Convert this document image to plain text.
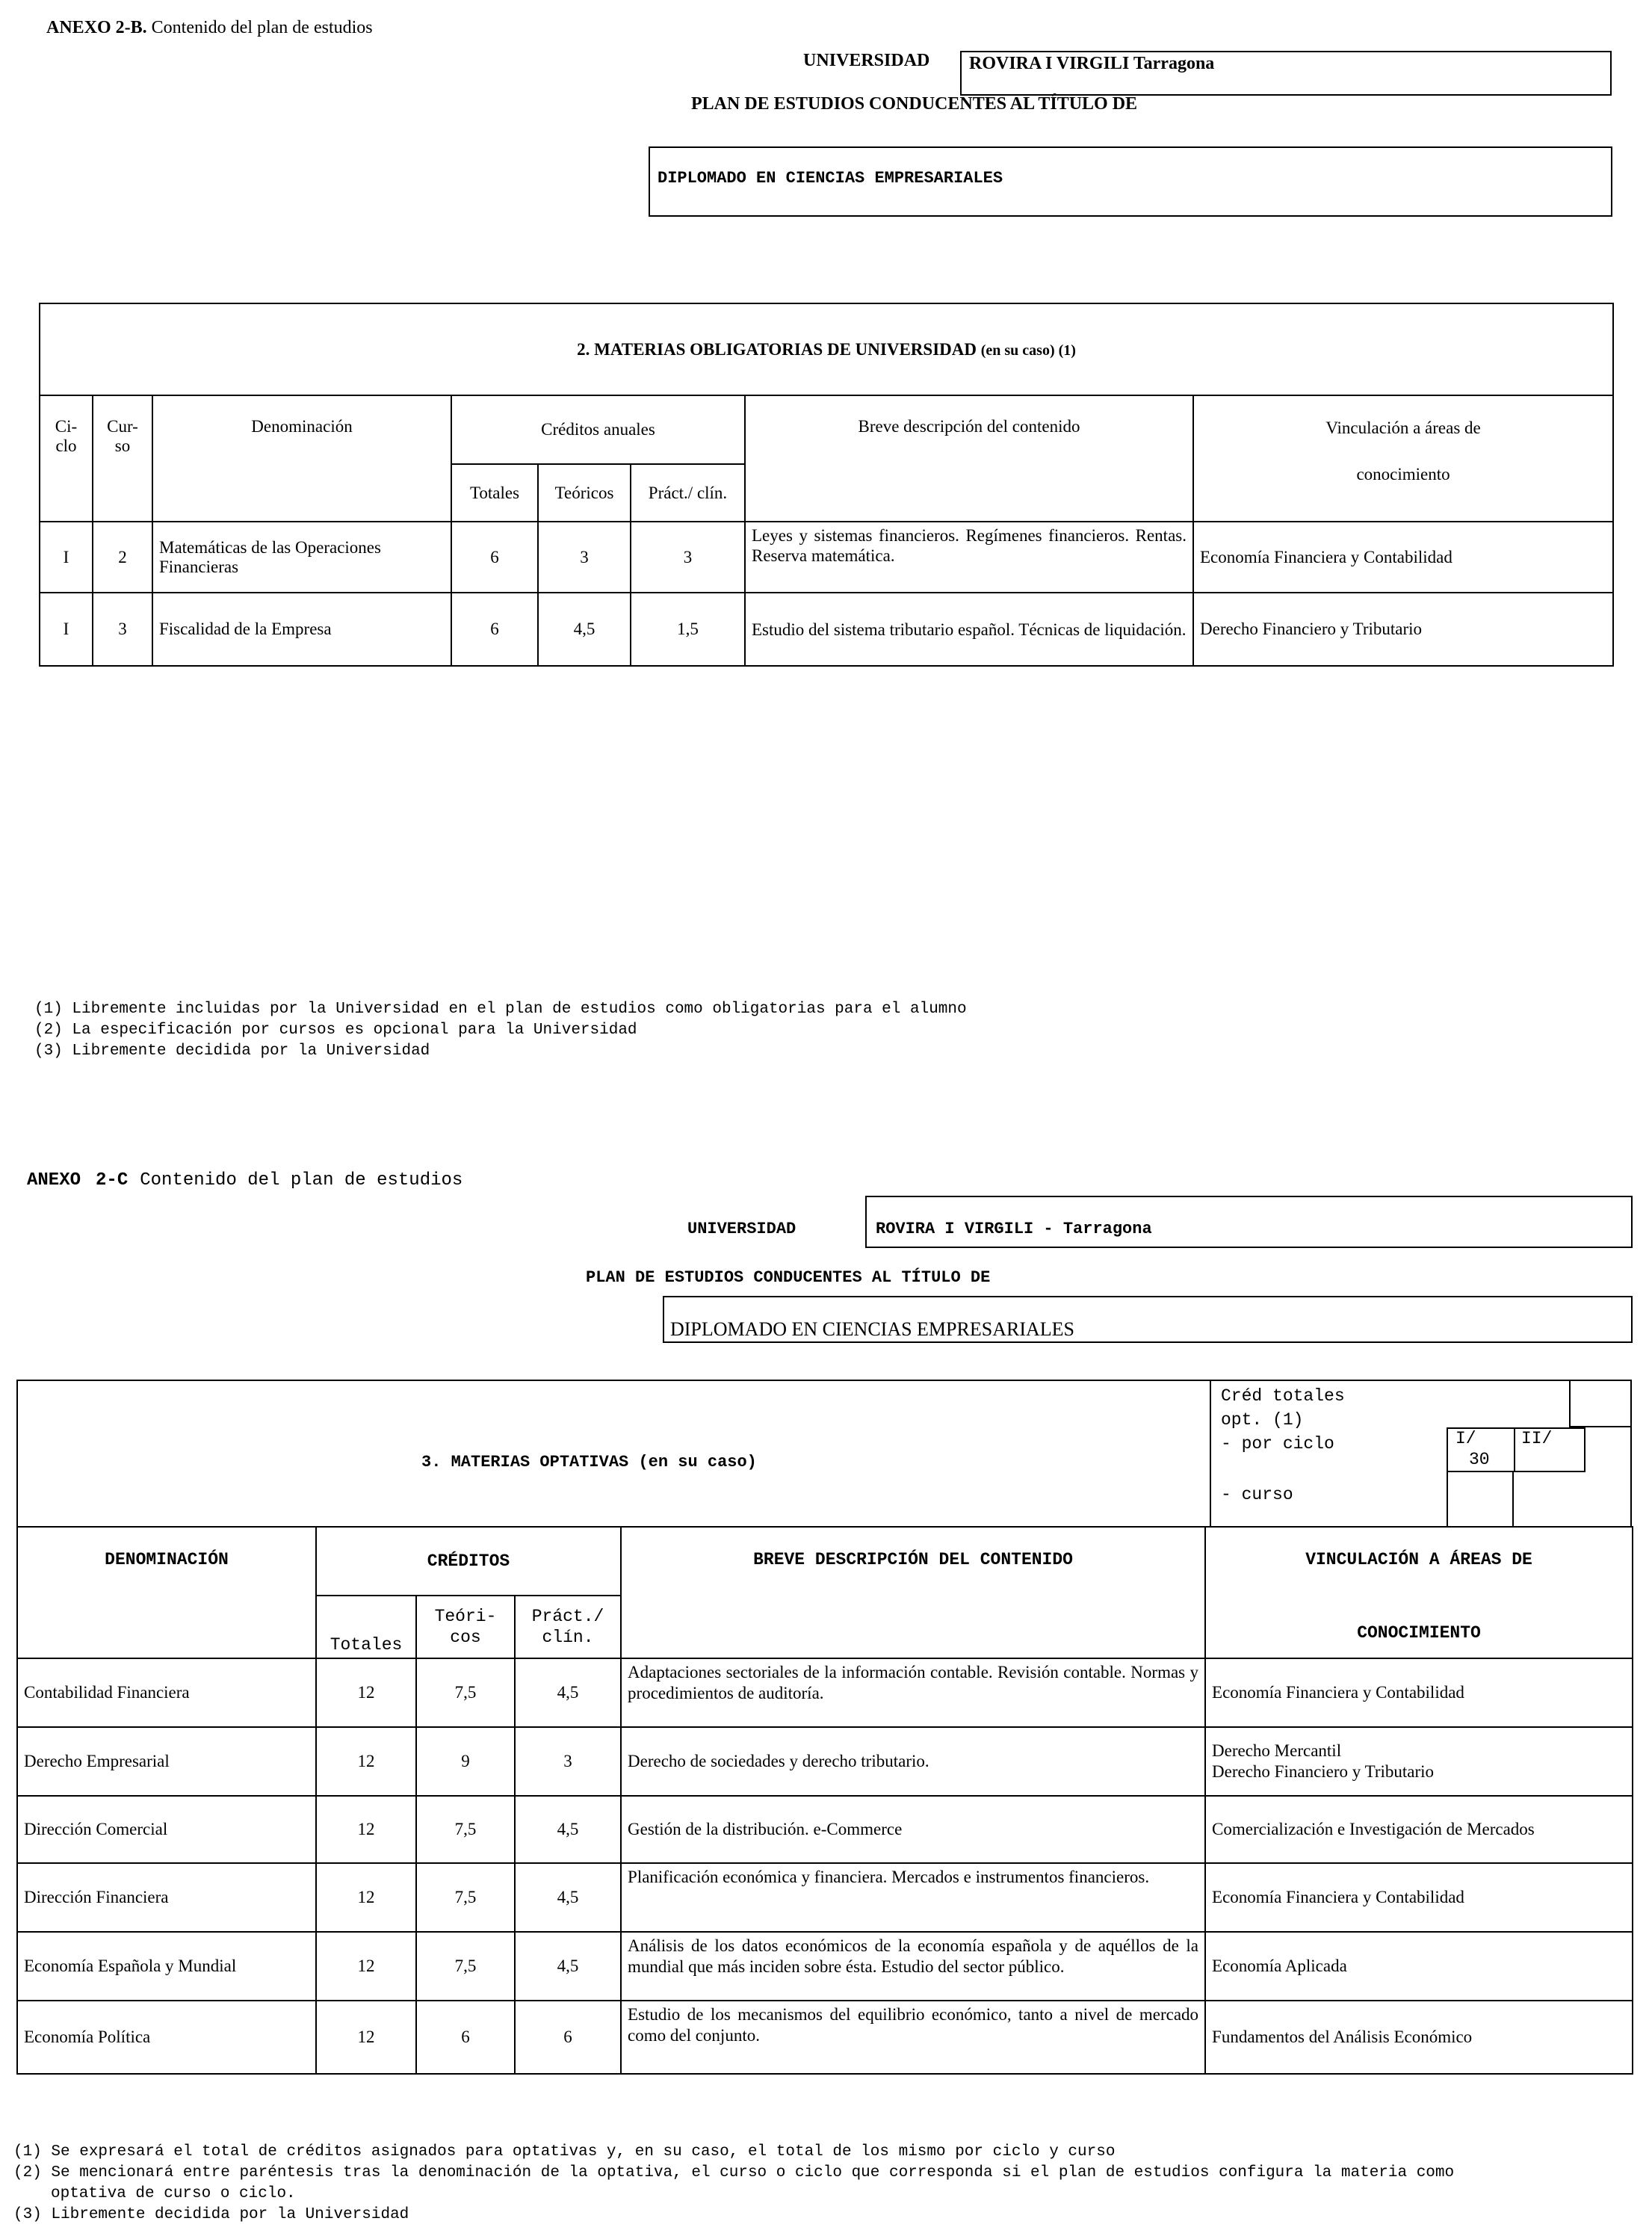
ANEXO 2-B. Contenido del plan de estudios
UNIVERSIDAD	ROVIRA I VIRGILI Tarragona
PLAN DE ESTUDIOS CONDUCENTES AL TÍTULO DE
DIPLOMADO EN CIENCIAS EMPRESARIALES
2. MATERIAS OBLIGATORIAS DE UNIVERSIDAD (en su caso) (1)							
Ci- clo	Cur- so	Denominación	Créditos anuales			Breve descripción del contenido	Vinculación a áreas de
conocimiento

			Totales	Teóricos	Práct./ clín.		
I	2	Matemáticas de las Operaciones Financieras	6	3	3	Leyes y sistemas financieros. Regímenes financieros. Rentas. Reserva matemática.	Economía Financiera y Contabilidad
I	3	Fiscalidad de la Empresa	6	4,5	1,5	Estudio del sistema tributario español. Técnicas de liquidación.	Derecho Financiero y Tributario
(1) Libremente incluidas por la Universidad en el plan de estudios como obligatorias para el alumno
(2) La especificación por cursos es opcional para la Universidad
(3) Libremente decidida por la Universidad
ANEXO 2-C Contenido del plan de estudios
UNIVERSIDAD	ROVIRA I VIRGILI - Tarragona
PLAN DE ESTUDIOS CONDUCENTES AL TÍTULO DE
DIPLOMADO EN CIENCIAS EMPRESARIALES
3. MATERIAS OPTATIVAS (en su caso)
Créd totales
opt. (1)
- por ciclo
- curso
I/
30
II/
DENOMINACIÓN	CRÉDITOS			BREVE DESCRIPCIÓN DEL CONTENIDO	VINCULACIÓN A ÁREAS DE
CONOCIMIENTO

	Totales	Teóri- cos	Práct./ clín.		
Contabilidad Financiera	12	7,5	4,5	Adaptaciones sectoriales de la información contable. Revisión contable. Normas y procedimientos de auditoría.	Economía Financiera y Contabilidad
Derecho Empresarial	12	9	3	Derecho de sociedades y derecho tributario.	Derecho Mercantil
Derecho Financiero y Tributario

Dirección Comercial	12	7,5	4,5	Gestión de la distribución. e-Commerce	Comercialización e Investigación de Mercados
Dirección Financiera	12	7,5	4,5	Planificación económica y financiera. Mercados e instrumentos financieros.	Economía Financiera y Contabilidad
Economía Española y Mundial	12	7,5	4,5	Análisis de los datos económicos de la economía española y de aquéllos de la mundial que más inciden sobre ésta. Estudio del sector público.	Economía Aplicada
Economía Política	12	6	6	Estudio de los mecanismos del equilibrio económico, tanto a nivel de mercado como del conjunto.	Fundamentos del Análisis Económico
(1) Se expresará el total de créditos asignados para optativas y, en su caso, el total de los mismo por ciclo y curso
(2) Se mencionará entre paréntesis tras la denominación de la optativa, el curso o ciclo que corresponda si el plan de estudios configura la materia como
optativa de curso o ciclo.
(3) Libremente decidida por la Universidad
